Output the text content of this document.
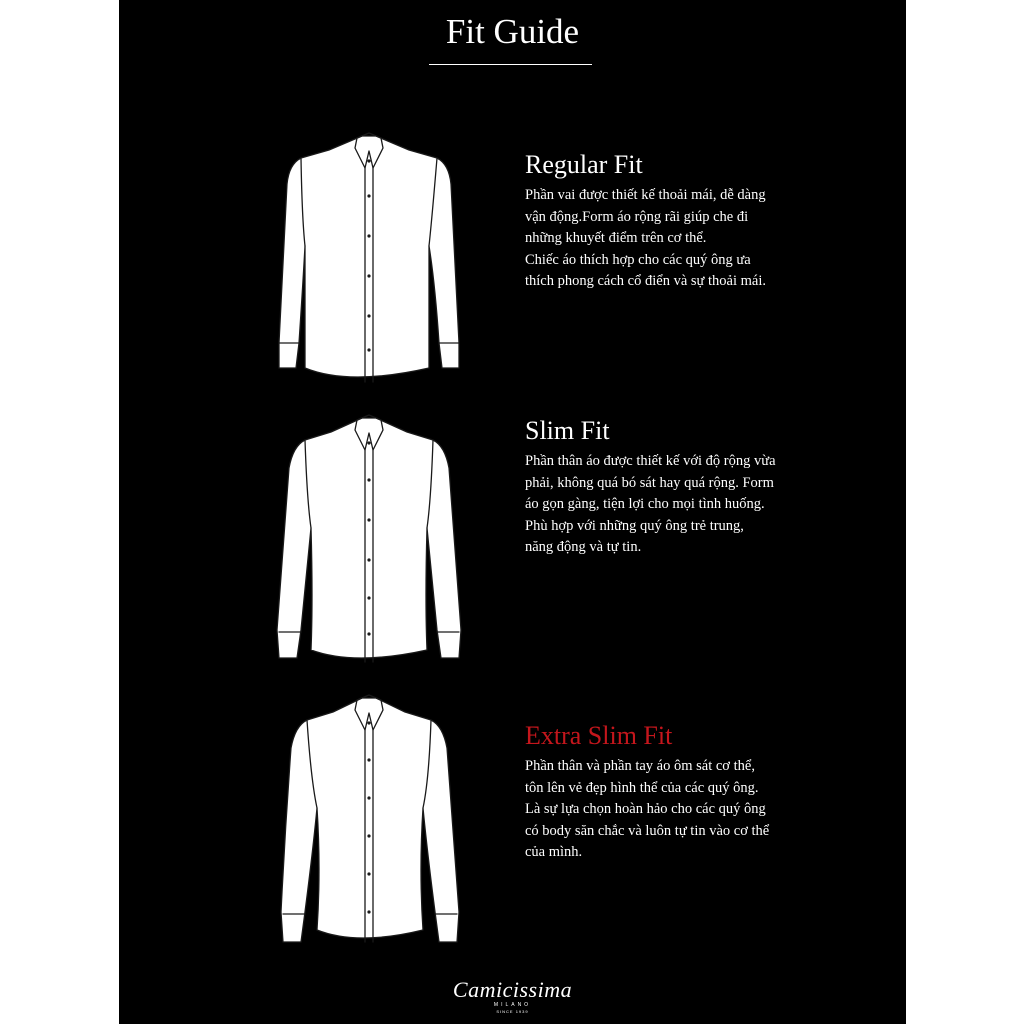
Fit Guide
Regular Fit
Phần vai được thiết kế thoải mái, dễ dàng
vận động.Form áo rộng rãi giúp che đi
những khuyết điểm trên cơ thể.
Chiếc áo thích hợp cho các quý ông ưa
thích phong cách cổ điển và sự thoải mái.
Slim Fit
Phần thân áo được thiết kế với độ rộng vừa
phải, không quá bó sát hay quá rộng. Form
áo gọn gàng, tiện lợi cho mọi tình huống.
Phù hợp với những quý ông trẻ trung,
năng động và tự tin.
Extra Slim Fit
Phần thân và phần tay áo ôm sát cơ thể,
tôn lên vẻ đẹp hình thể của các quý ông.
Là sự lựa chọn hoàn hảo cho các quý ông
có body săn chắc và luôn tự tin vào cơ thể
của mình.
Camicissima
MILANO
SINCE 1939
